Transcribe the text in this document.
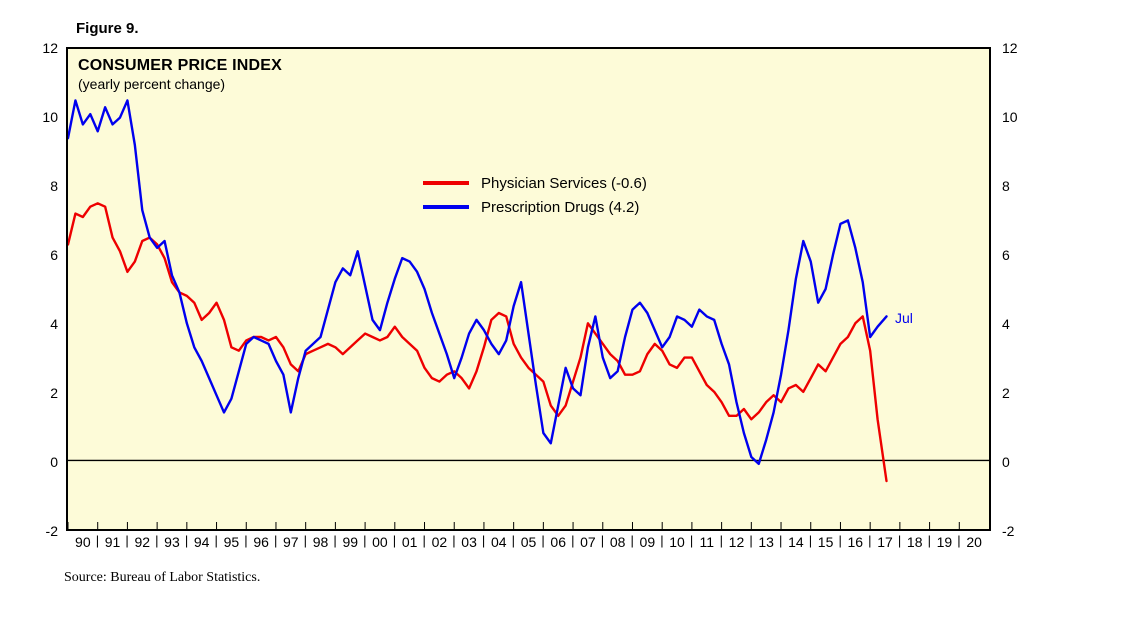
Figure 9.
CONSUMER PRICE INDEX
(yearly percent change)
Physician Services (-0.6)
Prescription Drugs (4.2)
12
10
8
6
4
2
0
-2
12
10
8
6
4
2
0
-2
90 | 91 | 92 | 93 | 94 | 95 | 96 | 97 | 98 | 99 | 00 | 01 | 02 | 03 | 04 | 05 | 06 | 07 | 08 | 09 | 10 | 11 | 12 | 13 | 14 | 15 | 16 | 17 | 18 | 19 | 20
Jul
Source: Bureau of Labor Statistics.
